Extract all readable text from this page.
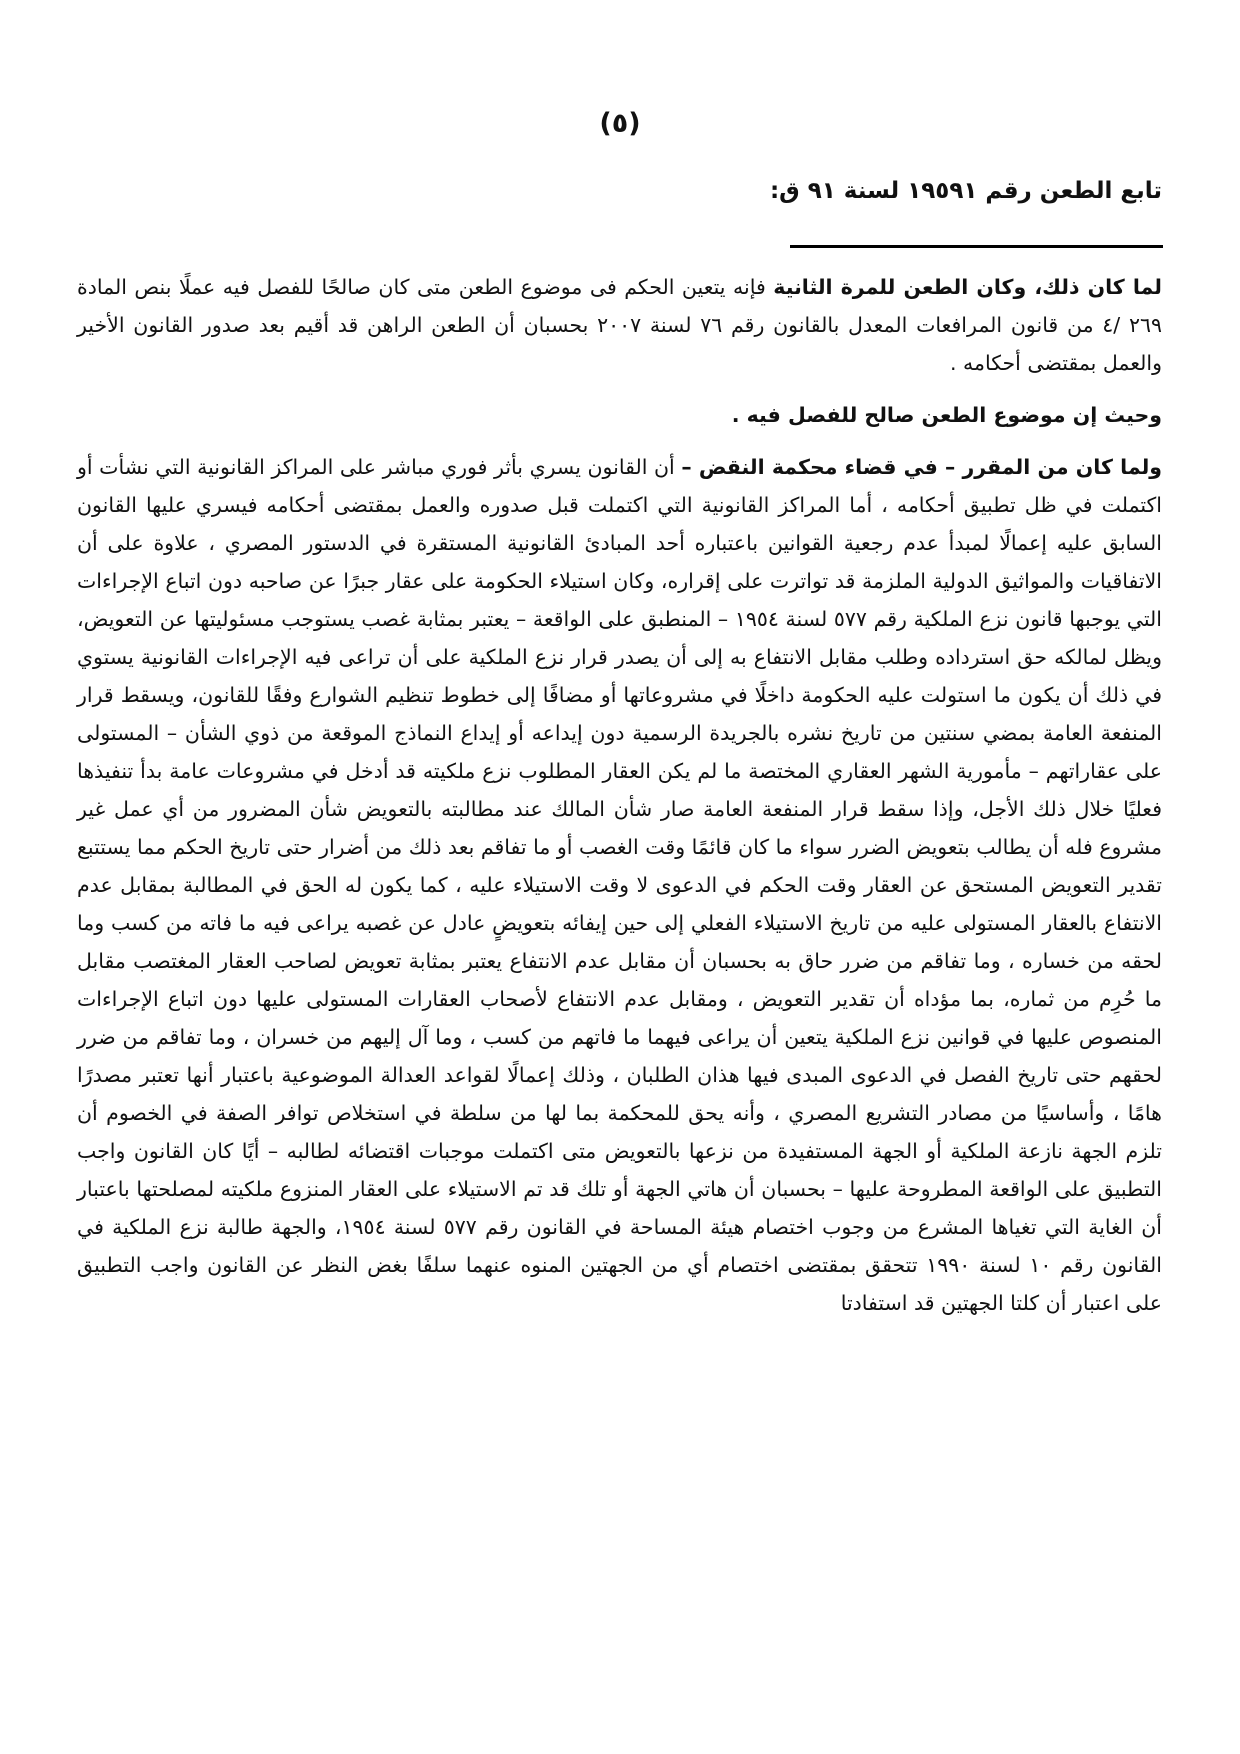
(٥)
تابع الطعن رقم ١٩٥٩١ لسنة ٩١ ق:

لما كان ذلك، وكان الطعن للمرة الثانية فإنه يتعين الحكم فى موضوع الطعن متى كان صالحًا للفصل فيه عملًا بنص المادة ٢٦٩ /٤ من قانون المرافعات المعدل بالقانون رقم ٧٦ لسنة ٢٠٠٧ بحسبان أن الطعن الراهن قد أقيم بعد صدور القانون الأخير والعمل بمقتضى أحكامه .

وحيث إن موضوع الطعن صالح للفصل فيه .

ولما كان من المقرر – في قضاء محكمة النقض – أن القانون يسري بأثر فوري مباشر على المراكز القانونية التي نشأت أو اكتملت في ظل تطبيق أحكامه ، أما المراكز القانونية التي اكتملت قبل صدوره والعمل بمقتضى أحكامه فيسري عليها القانون السابق عليه إعمالًا لمبدأ عدم رجعية القوانين باعتباره أحد المبادئ القانونية المستقرة في الدستور المصري ، علاوة على أن الاتفاقيات والمواثيق الدولية الملزمة قد تواترت على إقراره، وكان استيلاء الحكومة على عقار جبرًا عن صاحبه دون اتباع الإجراءات التي يوجبها قانون نزع الملكية رقم ٥٧٧ لسنة ١٩٥٤ – المنطبق على الواقعة – يعتبر بمثابة غصب يستوجب مسئوليتها عن التعويض، ويظل لمالكه حق استرداده وطلب مقابل الانتفاع به إلى أن يصدر قرار نزع الملكية على أن تراعى فيه الإجراءات القانونية يستوي في ذلك أن يكون ما استولت عليه الحكومة داخلًا في مشروعاتها أو مضافًا إلى خطوط تنظيم الشوارع وفقًا للقانون، ويسقط قرار المنفعة العامة بمضي سنتين من تاريخ نشره بالجريدة الرسمية دون إيداعه أو إيداع النماذج الموقعة من ذوي الشأن – المستولى على عقاراتهم – مأمورية الشهر العقاري المختصة ما لم يكن العقار المطلوب نزع ملكيته قد أدخل في مشروعات عامة بدأ تنفيذها فعليًا خلال ذلك الأجل، وإذا سقط قرار المنفعة العامة صار شأن المالك عند مطالبته بالتعويض شأن المضرور من أي عمل غير مشروع فله أن يطالب بتعويض الضرر سواء ما كان قائمًا وقت الغصب أو ما تفاقم بعد ذلك من أضرار حتى تاريخ الحكم مما يستتبع تقدير التعويض المستحق عن العقار وقت الحكم في الدعوى لا وقت الاستيلاء عليه ، كما يكون له الحق في المطالبة بمقابل عدم الانتفاع بالعقار المستولى عليه من تاريخ الاستيلاء الفعلي إلى حين إيفائه بتعويضٍ عادل عن غصبه يراعى فيه ما فاته من كسب وما لحقه من خساره ، وما تفاقم من ضرر حاق به بحسبان أن مقابل عدم الانتفاع يعتبر بمثابة تعويض لصاحب العقار المغتصب مقابل ما حُرِم من ثماره، بما مؤداه أن تقدير التعويض ، ومقابل عدم الانتفاع لأصحاب العقارات المستولى عليها دون اتباع الإجراءات المنصوص عليها في قوانين نزع الملكية يتعين أن يراعى فيهما ما فاتهم من كسب ، وما آل إليهم من خسران ، وما تفاقم من ضرر لحقهم حتى تاريخ الفصل في الدعوى المبدى فيها هذان الطلبان ، وذلك إعمالًا لقواعد العدالة الموضوعية باعتبار أنها تعتبر مصدرًا هامًا ، وأساسيًا من مصادر التشريع المصري ، وأنه يحق للمحكمة بما لها من سلطة في استخلاص توافر الصفة في الخصوم أن تلزم الجهة نازعة الملكية أو الجهة المستفيدة من نزعها بالتعويض متى اكتملت موجبات اقتضائه لطالبه – أيًا كان القانون واجب التطبيق على الواقعة المطروحة عليها – بحسبان أن هاتي الجهة أو تلك قد تم الاستيلاء على العقار المنزوع ملكيته لمصلحتها باعتبار أن الغاية التي تغياها المشرع من وجوب اختصام هيئة المساحة في القانون رقم ٥٧٧ لسنة ١٩٥٤، والجهة طالبة نزع الملكية في القانون رقم ١٠ لسنة ١٩٩٠ تتحقق بمقتضى اختصام أي من الجهتين المنوه عنهما سلفًا بغض النظر عن القانون واجب التطبيق على اعتبار أن كلتا الجهتين قد استفادتا
